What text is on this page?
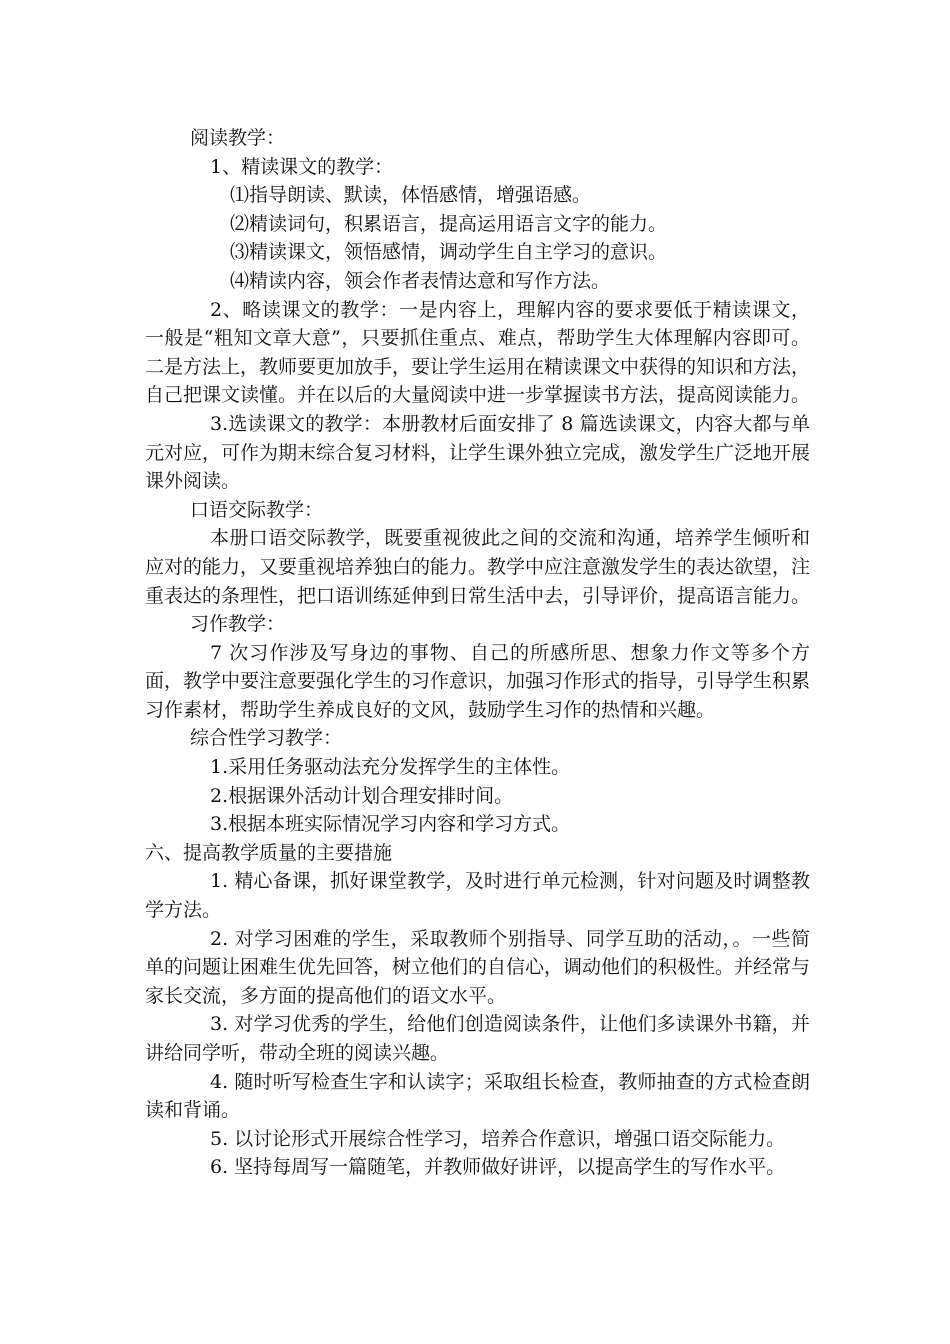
阅读教学：

1、精读课文的教学：

⑴指导朗读、默读，体悟感情，增强语感。

⑵精读词句，积累语言，提高运用语言文字的能力。

⑶精读课文，领悟感情，调动学生自主学习的意识。

⑷精读内容，领会作者表情达意和写作方法。

2、略读课文的教学：一是内容上，理解内容的要求要低于精读课文，一般是“粗知文章大意”，只要抓住重点、难点，帮助学生大体理解内容即可。二是方法上，教师要更加放手，要让学生运用在精读课文中获得的知识和方法，自己把课文读懂。并在以后的大量阅读中进一步掌握读书方法，提高阅读能力。

3.选读课文的教学：本册教材后面安排了 8 篇选读课文，内容大都与单元对应，可作为期末综合复习材料，让学生课外独立完成，激发学生广泛地开展课外阅读。

口语交际教学：

本册口语交际教学，既要重视彼此之间的交流和沟通，培养学生倾听和应对的能力，又要重视培养独白的能力。教学中应注意激发学生的表达欲望，注重表达的条理性，把口语训练延伸到日常生活中去，引导评价，提高语言能力。

习作教学：

7 次习作涉及写身边的事物、自己的所感所思、想象力作文等多个方面，教学中要注意要强化学生的习作意识，加强习作形式的指导，引导学生积累习作素材，帮助学生养成良好的文风，鼓励学生习作的热情和兴趣。

综合性学习教学：

1.采用任务驱动法充分发挥学生的主体性。

2.根据课外活动计划合理安排时间。

3.根据本班实际情况学习内容和学习方式。

六、提高教学质量的主要措施

1. 精心备课，抓好课堂教学，及时进行单元检测，针对问题及时调整教学方法。

2. 对学习困难的学生，采取教师个别指导、同学互助的活动，。一些简单的问题让困难生优先回答，树立他们的自信心，调动他们的积极性。并经常与家长交流，多方面的提高他们的语文水平。

3. 对学习优秀的学生，给他们创造阅读条件，让他们多读课外书籍，并讲给同学听，带动全班的阅读兴趣。

4. 随时听写检查生字和认读字；采取组长检查，教师抽查的方式检查朗读和背诵。

5. 以讨论形式开展综合性学习，培养合作意识，增强口语交际能力。

6. 坚持每周写一篇随笔，并教师做好讲评，以提高学生的写作水平。
